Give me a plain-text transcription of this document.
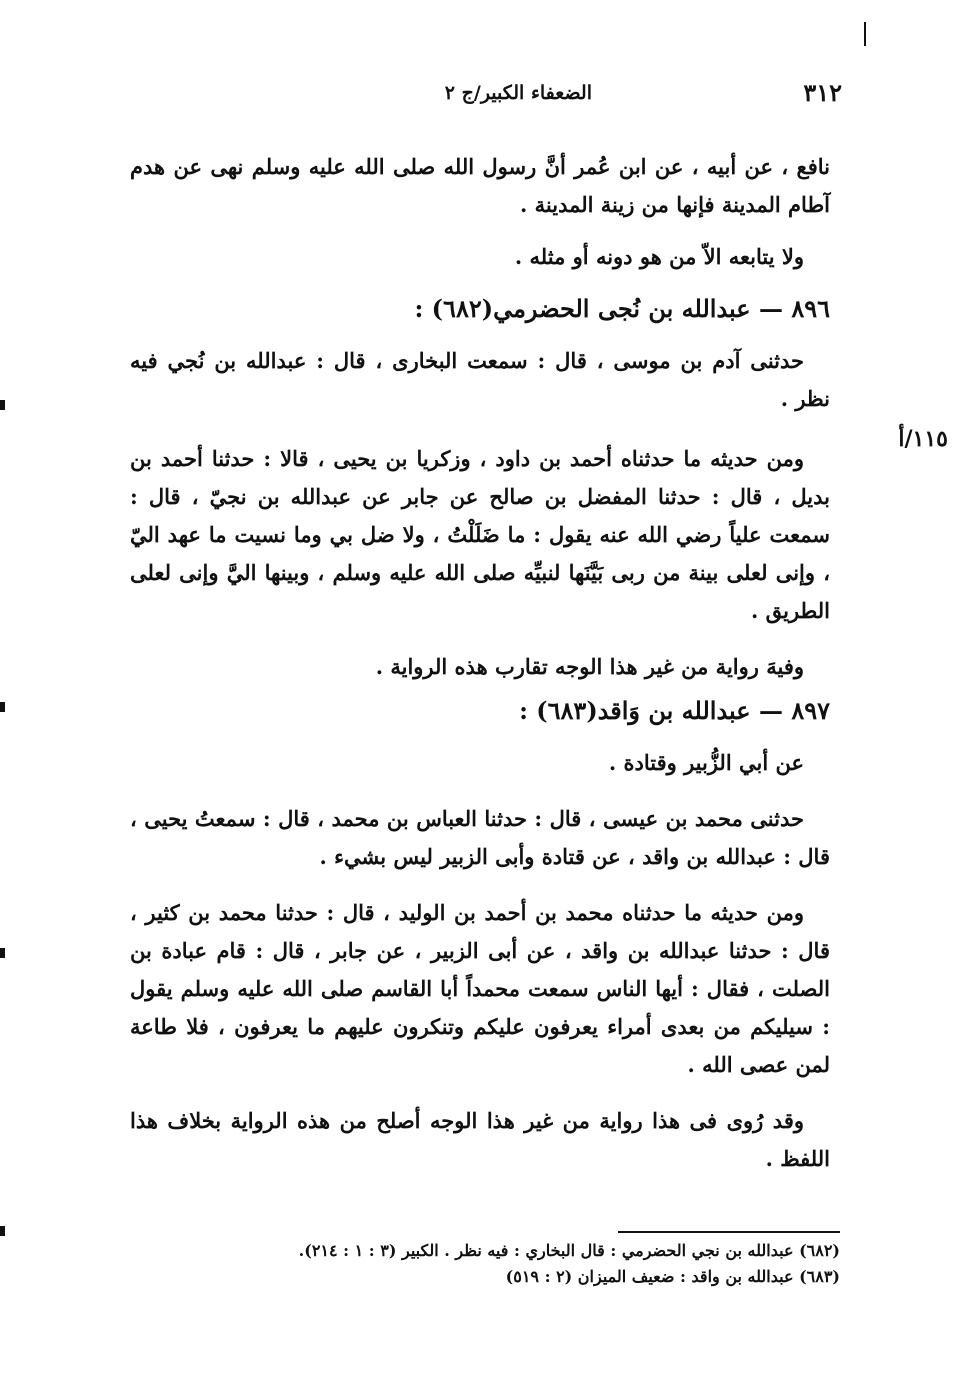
٣١٢
الضعفاء الكبير/ج ٢
١١٥/أ

نافع ، عن أبيه ، عن ابن عُمر أنَّ رسول الله صلى الله عليه وسلم نهى عن هدم آطام المدينة فإنها من زينة المدينة .

ولا يتابعه الاّ من هو دونه أو مثله .

٨٩٦ — عبدالله بن نُجى الحضرمي(٦٨٢) :

حدثنى آدم بن موسى ، قال : سمعت البخارى ، قال : عبدالله بن نُجي فيه نظر .

ومن حديثه ما حدثناه أحمد بن داود ، وزكريا بن يحيى ، قالا : حدثنا أحمد بن بديل ، قال : حدثنا المفضل بن صالح عن جابر عن عبدالله بن نجيّ ، قال : سمعت علياً رضي الله عنه يقول : ما ضَلَلْتُ ، ولا ضل بي وما نسيت ما عهد اليّ ، وإنى لعلى بينة من ربى بَيَّنَها لنبيِّه صلى الله عليه وسلم ، وبينها اليَّ وإنى لعلى الطريق .

وفيهَ رواية من غير هذا الوجه تقارب هذه الرواية .

٨٩٧ — عبدالله بن وَاقد(٦٨٣) :

عن أبي الزُّبير وقتادة .

حدثنى محمد بن عيسى ، قال : حدثنا العباس بن محمد ، قال : سمعتُ يحيى ، قال : عبدالله بن واقد ، عن قتادة وأبى الزبير ليس بشيء .

ومن حديثه ما حدثناه محمد بن أحمد بن الوليد ، قال : حدثنا محمد بن كثير ، قال : حدثنا عبدالله بن واقد ، عن أبى الزبير ، عن جابر ، قال : قام عبادة بن الصلت ، فقال : أيها الناس سمعت محمداً أبا القاسم صلى الله عليه وسلم يقول : سيليكم من بعدى أمراء يعرفون عليكم وتنكرون عليهم ما يعرفون ، فلا طاعة لمن عصى الله .

وقد رُوى فى هذا رواية من غير هذا الوجه أصلح من هذه الرواية بخلاف هذا اللفظ .

(٦٨٢) عبدالله بن نجي الحضرمي : قال البخاري : فيه نظر . الكبير (٣ : ١ : ٢١٤).
(٦٨٣) عبدالله بن واقد : ضعيف الميزان (٢ : ٥١٩)
